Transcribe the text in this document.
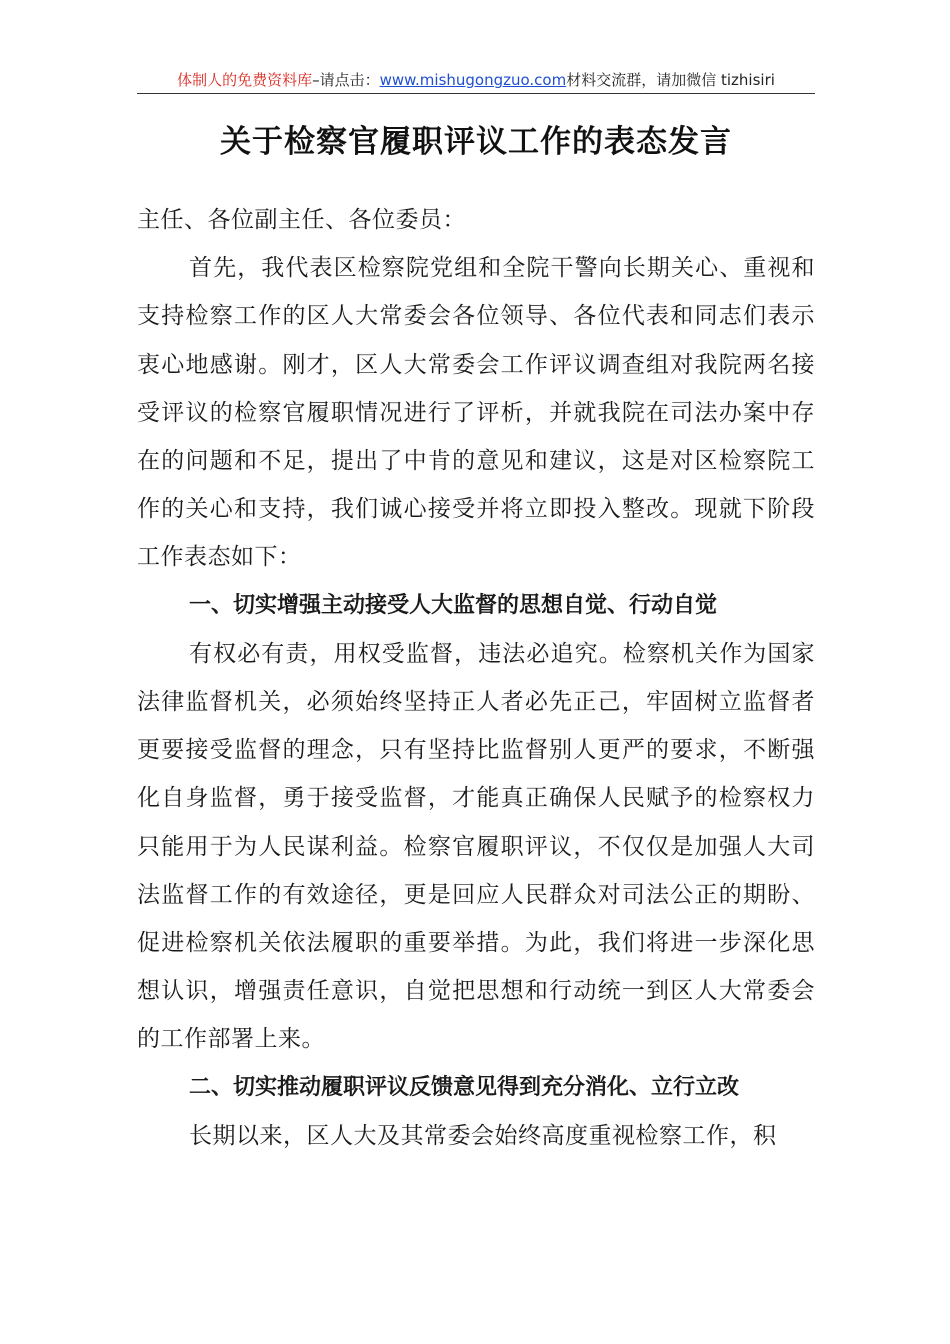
体制人的免费资料库–请点击：www.mishugongzuo.com材料交流群，请加微信 tizhisiri
关于检察官履职评议工作的表态发言

主任、各位副主任、各位委员：

首先，我代表区检察院党组和全院干警向长期关心、重视和支持检察工作的区人大常委会各位领导、各位代表和同志们表示衷心地感谢。刚才，区人大常委会工作评议调查组对我院两名接受评议的检察官履职情况进行了评析，并就我院在司法办案中存在的问题和不足，提出了中肯的意见和建议，这是对区检察院工作的关心和支持，我们诚心接受并将立即投入整改。现就下阶段工作表态如下：

一、切实增强主动接受人大监督的思想自觉、行动自觉

有权必有责，用权受监督，违法必追究。检察机关作为国家法律监督机关，必须始终坚持正人者必先正己，牢固树立监督者更要接受监督的理念，只有坚持比监督别人更严的要求，不断强化自身监督，勇于接受监督，才能真正确保人民赋予的检察权力只能用于为人民谋利益。检察官履职评议，不仅仅是加强人大司法监督工作的有效途径，更是回应人民群众对司法公正的期盼、促进检察机关依法履职的重要举措。为此，我们将进一步深化思想认识，增强责任意识，自觉把思想和行动统一到区人大常委会的工作部署上来。

二、切实推动履职评议反馈意见得到充分消化、立行立改

长期以来，区人大及其常委会始终高度重视检察工作，积
